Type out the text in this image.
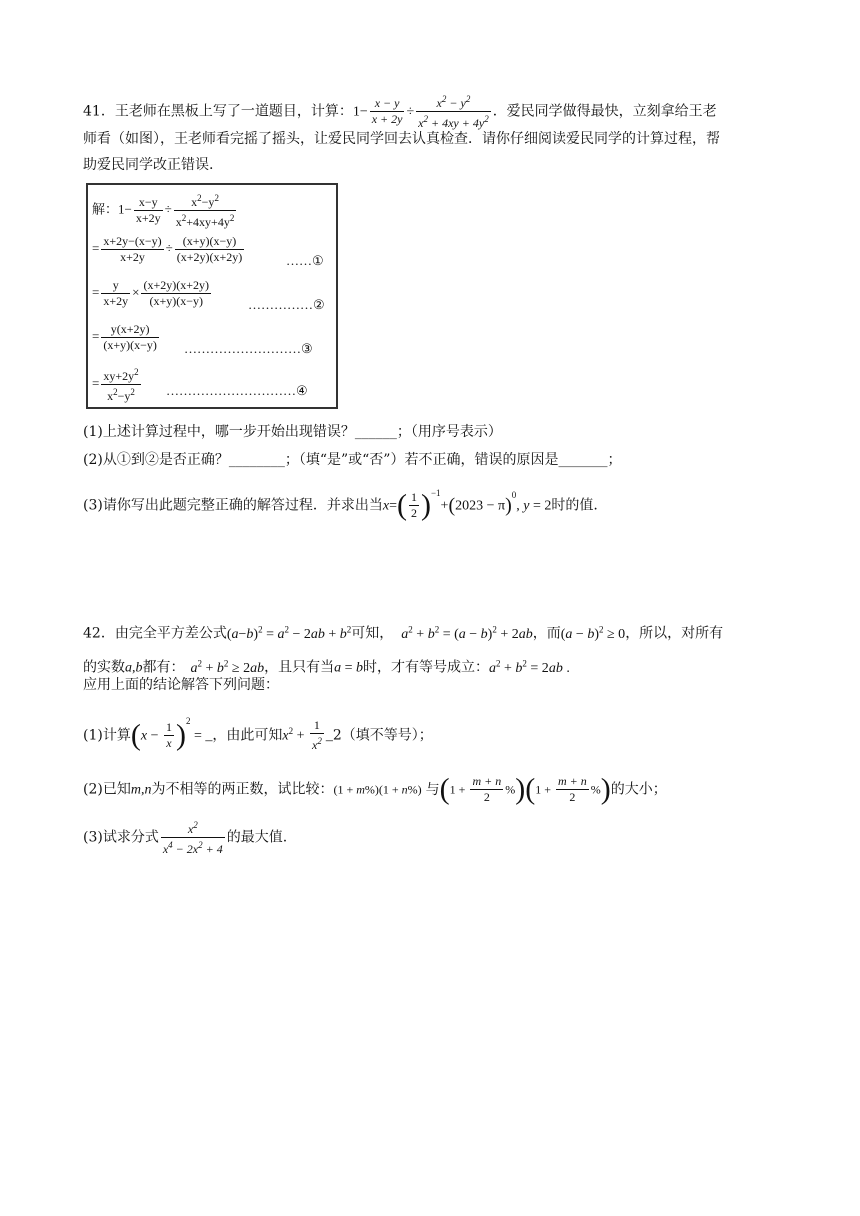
41．王老师在黑板上写了一道题目，计算：$1- \frac{x - y}{x + 2y} \div \frac{x^2 - y^2}{x^2 + 4xy + 4y^2}$ ．爱民同学做得最快，立刻拿给王老
师看（如图），王老师看完摇了摇头，让爱民同学回去认真检查．请你仔细阅读爱民同学的计算过程，帮
助爱民同学改正错误.
解：$1- \frac{x-y}{x+2y} \div \frac{x^2-y^2}{x^2+4xy+4y^2}$
= $\frac{x+2y-(x-y)}{x+2y} \div \frac{(x+y)(x-y)}{(x+2y)(x+2y)}$	……①
= $\frac{y}{x+2y} \times \frac{(x+2y)(x+2y)}{(x+y)(x-y)}$	……………②
= $\frac{y(x+2y)}{(x+y)(x-y)}$ ………………………③
= $\frac{xy+2y^2}{x^2-y^2}$ …………………………④
(1)上述计算过程中，哪一步开始出现错误？______；（用序号表示）
(2)从①到②是否正确？________；（填“是”或“否”）若不正确，错误的原因是_______；
(3)请你写出此题完整正确的解答过程．并求出当$x=( \frac{1}{2} )^{-1}+(2023 - \pi)^0$, y = 2时的值.
42．由完全平方差公式$(a-b)^2 = a^2 - 2ab + b^2$可知， $a^2 + b^2 = (a - b)^2 + 2ab$，而$(a - b)^2 \ge 0$，所以，对所有
的实数a,b都有： $a^2 + b^2 \ge 2ab$，且只有当a = b时，才有等号成立：$a^2 + b^2 = 2ab$ .
应用上面的结论解答下列问题：
(1)计算$(x - \frac{1}{x} )^2$ = _，由此可知$x^2 + \frac{1}{x^2}$ _2（填不等号）；
(2)已知m,n为不相等的两正数，试比较：(1 + m%)(1 + n%) 与$(1 + \frac{m + n}{2} \%)(1 + \frac{m + n}{2}$ %)的大小；
(3)试求分式 $\frac{x^2}{x^4 - 2x^2 + 4}$ 的最大值.
